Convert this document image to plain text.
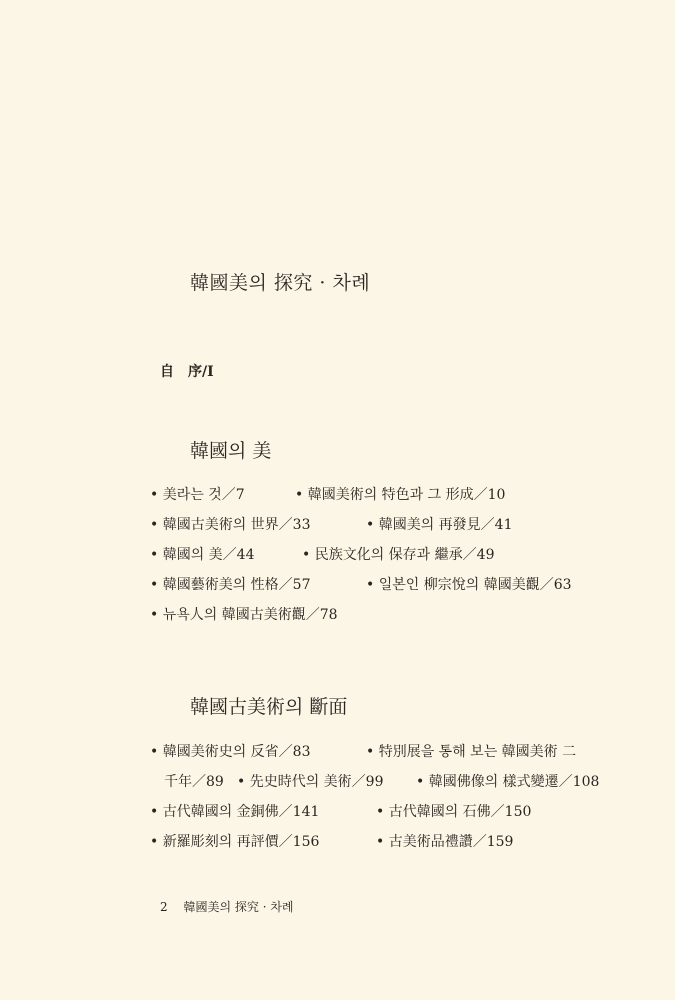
韓國美의 探究 · 차례
自　序/I
韓國의 美
• 美라는 것／7	• 韓國美術의 特色과 그 形成／10
• 韓國古美術의 世界／33	• 韓國美의 再發見／41
• 韓國의 美／44	• 民族文化의 保存과 繼承／49
• 韓國藝術美의 性格／57	• 일본인 柳宗悅의 韓國美觀／63
• 뉴욕人의 韓國古美術觀／78
韓國古美術의 斷面
• 韓國美術史의 反省／83	• 特別展을 통해 보는 韓國美術 二
千年／89 • 先史時代의 美術／99 • 韓國佛像의 樣式變遷／108
• 古代韓國의 金銅佛／141	• 古代韓國의 石佛／150
• 新羅彫刻의 再評價／156	• 古美術品禮讚／159
2 韓國美의 探究 · 차례
